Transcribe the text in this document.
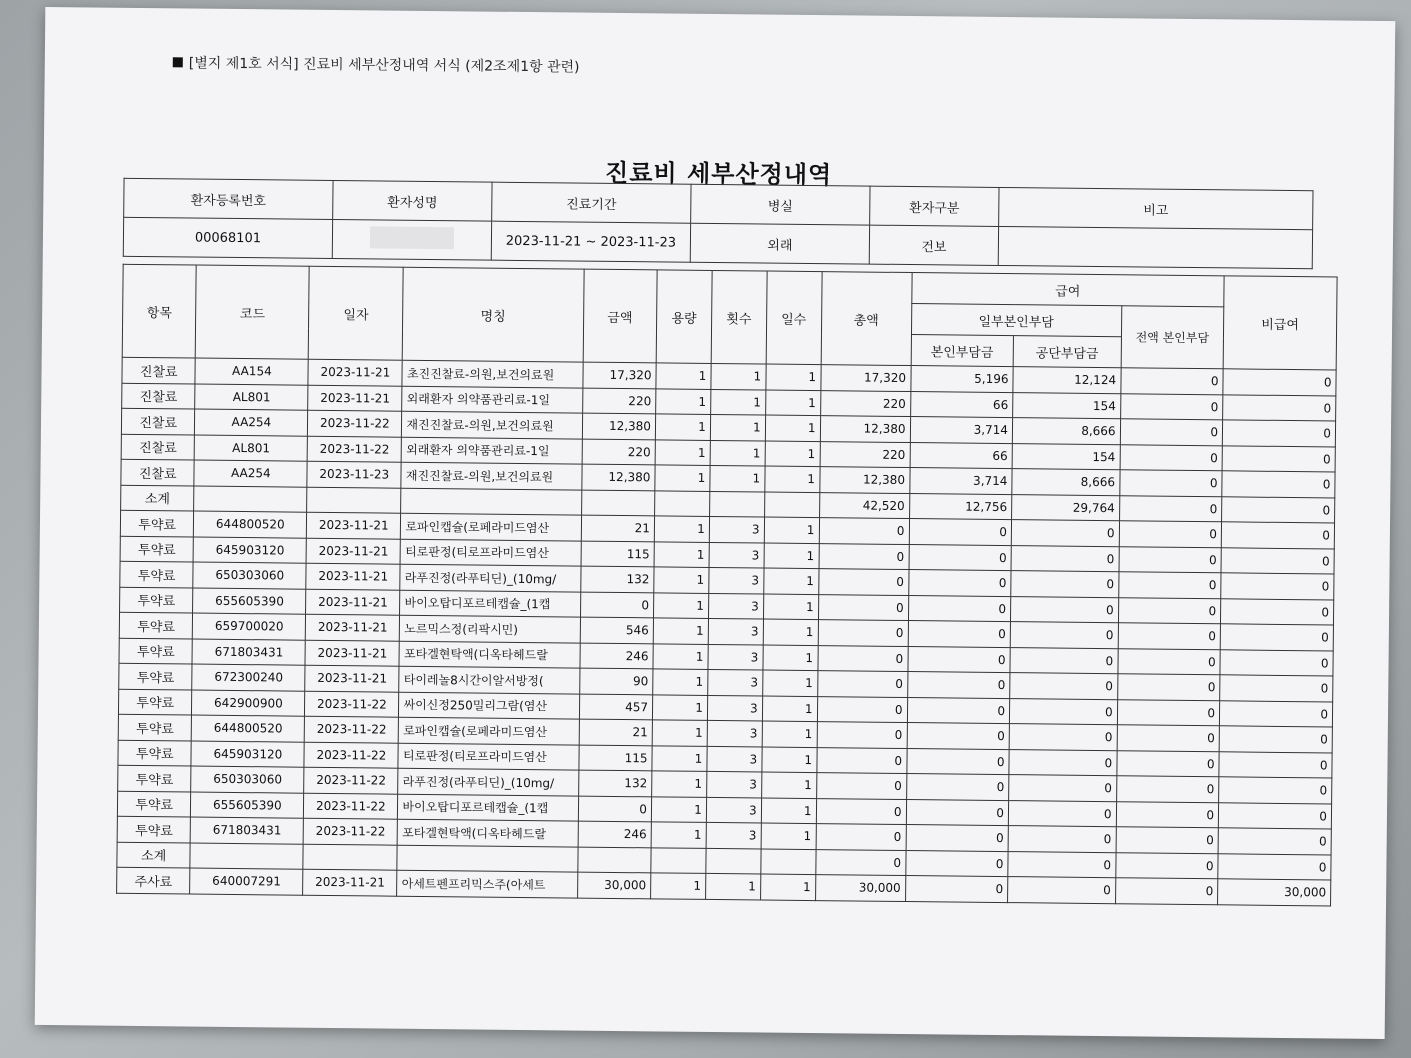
[별지 제1호 서식] 진료비 세부산정내역 서식 (제2조제1항 관련)
진료비 세부산정내역
환자등록번호	환자성명	진료기간	병실	환자구분	비고
00068101		2023-11-21 ~ 2023-11-23	외래	건보	
항목	코드	일자	명칭	금액	용량	횟수	일수	총액	급여			비급여
									일부본인부담		전액 본인부담	
									본인부담금	공단부담금		
진찰료	AA154	2023-11-21	초진진찰료-의원,보건의료원	17,320	1	1	1	17,320	5,196	12,124	0	0
진찰료	AL801	2023-11-21	외래환자 의약품관리료-1일	220	1	1	1	220	66	154	0	0
진찰료	AA254	2023-11-22	재진진찰료-의원,보건의료원	12,380	1	1	1	12,380	3,714	8,666	0	0
진찰료	AL801	2023-11-22	외래환자 의약품관리료-1일	220	1	1	1	220	66	154	0	0
진찰료	AA254	2023-11-23	재진진찰료-의원,보건의료원	12,380	1	1	1	12,380	3,714	8,666	0	0
소계								42,520	12,756	29,764	0	0
투약료	644800520	2023-11-21	로파인캡슐(로페라미드염산	21	1	3	1	0	0	0	0	0
투약료	645903120	2023-11-21	티로판정(티로프라미드염산	115	1	3	1	0	0	0	0	0
투약료	650303060	2023-11-21	라푸진정(라푸티딘)_(10mg/	132	1	3	1	0	0	0	0	0
투약료	655605390	2023-11-21	바이오탑디포르테캡슐_(1캡	0	1	3	1	0	0	0	0	0
투약료	659700020	2023-11-21	노르믹스정(리팍시민)	546	1	3	1	0	0	0	0	0
투약료	671803431	2023-11-21	포타겔현탁액(디옥타헤드랄	246	1	3	1	0	0	0	0	0
투약료	672300240	2023-11-21	타이레놀8시간이알서방정(	90	1	3	1	0	0	0	0	0
투약료	642900900	2023-11-22	싸이신정250밀리그람(염산	457	1	3	1	0	0	0	0	0
투약료	644800520	2023-11-22	로파인캡슐(로페라미드염산	21	1	3	1	0	0	0	0	0
투약료	645903120	2023-11-22	티로판정(티로프라미드염산	115	1	3	1	0	0	0	0	0
투약료	650303060	2023-11-22	라푸진정(라푸티딘)_(10mg/	132	1	3	1	0	0	0	0	0
투약료	655605390	2023-11-22	바이오탑디포르테캡슐_(1캡	0	1	3	1	0	0	0	0	0
투약료	671803431	2023-11-22	포타겔현탁액(디옥타헤드랄	246	1	3	1	0	0	0	0	0
소계								0	0	0	0	0
주사료	640007291	2023-11-21	아세트펜프리믹스주(아세트	30,000	1	1	1	30,000	0	0	0	30,000
